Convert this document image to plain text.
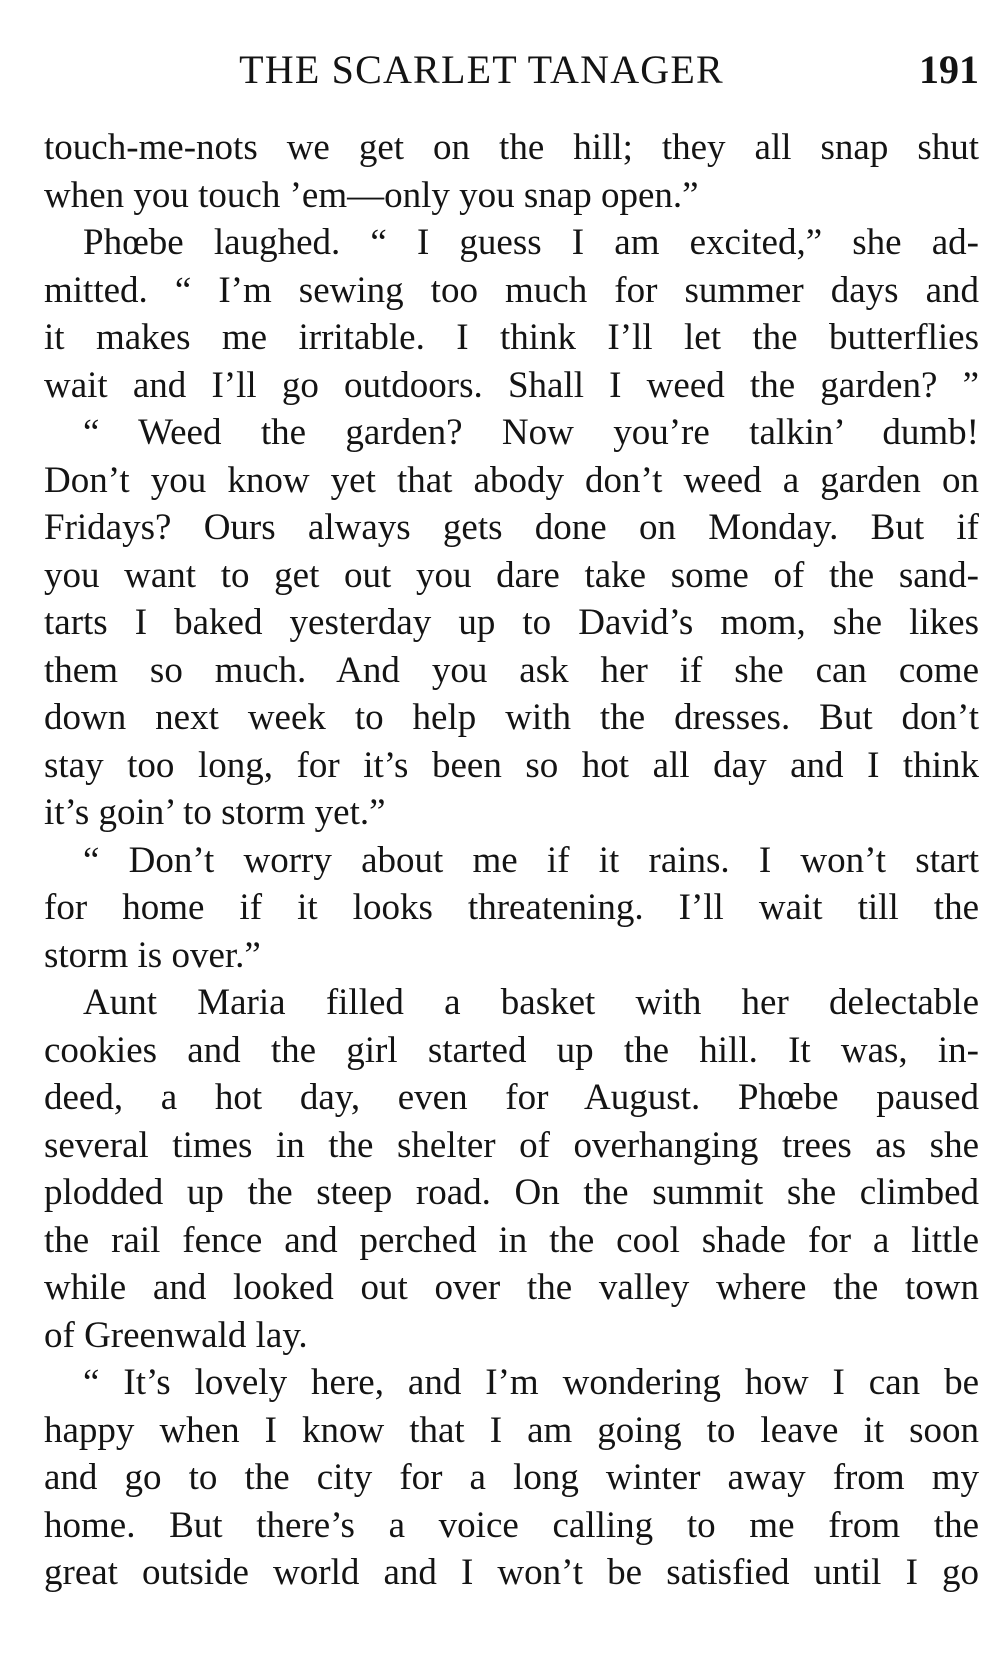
THE SCARLET TANAGER	191
touch-me-nots we get on the hill; they all snap shut
when you touch ’em—only you snap open.”
Phœbe laughed. “ I guess I am excited,” she ad-
mitted. “ I’m sewing too much for summer days and
it makes me irritable. I think I’ll let the butterflies
wait and I’ll go outdoors. Shall I weed the garden? ”
“ Weed the garden? Now you’re talkin’ dumb!
Don’t you know yet that abody don’t weed a garden on
Fridays? Ours always gets done on Monday. But if
you want to get out you dare take some of the sand-
tarts I baked yesterday up to David’s mom, she likes
them so much. And you ask her if she can come
down next week to help with the dresses. But don’t
stay too long, for it’s been so hot all day and I think
it’s goin’ to storm yet.”
“ Don’t worry about me if it rains. I won’t start
for home if it looks threatening. I’ll wait till the
storm is over.”
Aunt Maria filled a basket with her delectable
cookies and the girl started up the hill. It was, in-
deed, a hot day, even for August. Phœbe paused
several times in the shelter of overhanging trees as she
plodded up the steep road. On the summit she climbed
the rail fence and perched in the cool shade for a little
while and looked out over the valley where the town
of Greenwald lay.
“ It’s lovely here, and I’m wondering how I can be
happy when I know that I am going to leave it soon
and go to the city for a long winter away from my
home. But there’s a voice calling to me from the
great outside world and I won’t be satisfied until I go
